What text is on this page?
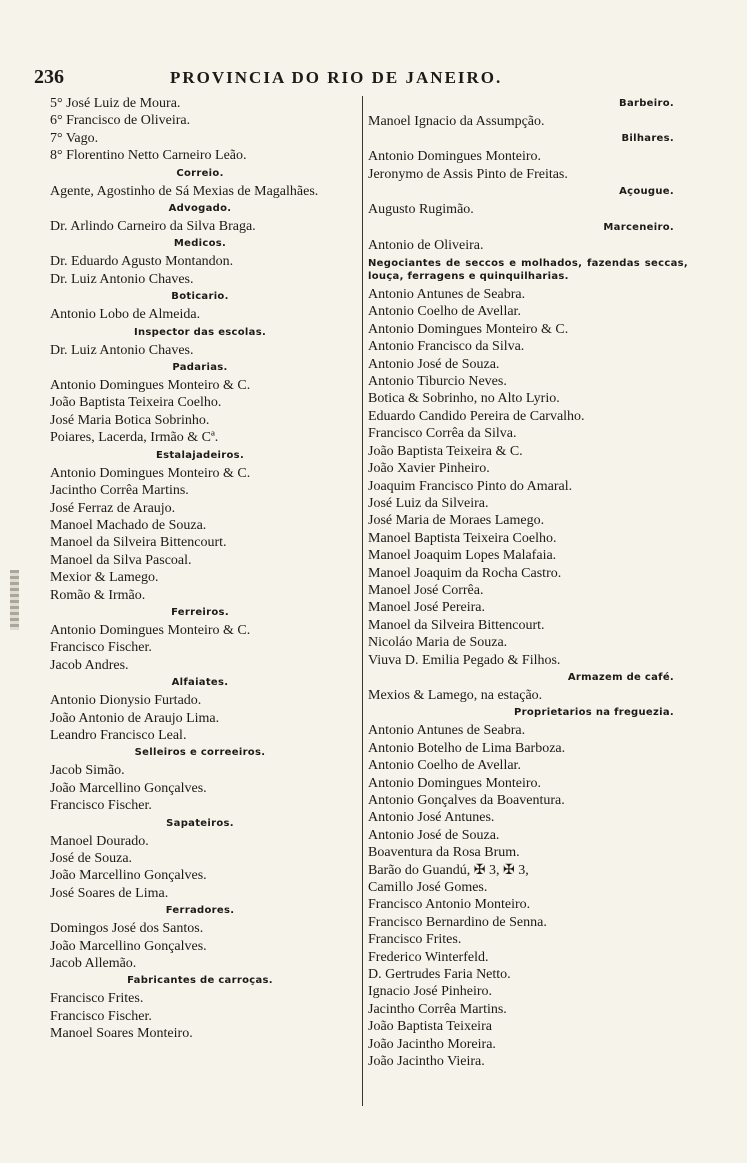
236	PROVINCIA DO RIO DE JANEIRO.
5° José Luiz de Moura.
6° Francisco de Oliveira.
7° Vago.
8° Florentino Netto Carneiro Leão.
Correio.
Agente, Agostinho de Sá Mexias de Magalhães.
Advogado.
Dr. Arlindo Carneiro da Silva Braga.
Medicos.
Dr. Eduardo Agusto Montandon.
Dr. Luiz Antonio Chaves.
Boticario.
Antonio Lobo de Almeida.
Inspector das escolas.
Dr. Luiz Antonio Chaves.
Padarias.
Antonio Domingues Monteiro & C.
João Baptista Teixeira Coelho.
José Maria Botica Sobrinho.
Poiares, Lacerda, Irmão & Cª.
Estalajadeiros.
Antonio Domingues Monteiro & C.
Jacintho Corrêa Martins.
José Ferraz de Araujo.
Manoel Machado de Souza.
Manoel da Silveira Bittencourt.
Manoel da Silva Pascoal.
Mexior & Lamego.
Romão & Irmão.
Ferreiros.
Antonio Domingues Monteiro & C.
Francisco Fischer.
Jacob Andres.
Alfaiates.
Antonio Dionysio Furtado.
João Antonio de Araujo Lima.
Leandro Francisco Leal.
Selleiros e correeiros.
Jacob Simão.
João Marcellino Gonçalves.
Francisco Fischer.
Sapateiros.
Manoel Dourado.
José de Souza.
João Marcellino Gonçalves.
José Soares de Lima.
Ferradores.
Domingos José dos Santos.
João Marcellino Gonçalves.
Jacob Allemão.
Fabricantes de carroças.
Francisco Frites.
Francisco Fischer.
Manoel Soares Monteiro.
Barbeiro.
Manoel Ignacio da Assumpção.
Bilhares.
Antonio Domingues Monteiro.
Jeronymo de Assis Pinto de Freitas.
Açougue.
Augusto Rugimão.
Marceneiro.
Antonio de Oliveira.
Negociantes de seccos e molhados, fazendas seccas, louça, ferragens e quinquilharias.
Antonio Antunes de Seabra.
Antonio Coelho de Avellar.
Antonio Domingues Monteiro & C.
Antonio Francisco da Silva.
Antonio José de Souza.
Antonio Tiburcio Neves.
Botica & Sobrinho, no Alto Lyrio.
Eduardo Candido Pereira de Carvalho.
Francisco Corrêa da Silva.
João Baptista Teixeira & C.
João Xavier Pinheiro.
Joaquim Francisco Pinto do Amaral.
José Luiz da Silveira.
José Maria de Moraes Lamego.
Manoel Baptista Teixeira Coelho.
Manoel Joaquim Lopes Malafaia.
Manoel Joaquim da Rocha Castro.
Manoel José Corrêa.
Manoel José Pereira.
Manoel da Silveira Bittencourt.
Nicoláo Maria de Souza.
Viuva D. Emilia Pegado & Filhos.
Armazem de café.
Mexios & Lamego, na estação.
Proprietarios na freguezia.
Antonio Antunes de Seabra.
Antonio Botelho de Lima Barboza.
Antonio Coelho de Avellar.
Antonio Domingues Monteiro.
Antonio Gonçalves da Boaventura.
Antonio José Antunes.
Antonio José de Souza.
Boaventura da Rosa Brum.
Barão do Guandú, ✠ 3, ✠ 3,
Camillo José Gomes.
Francisco Antonio Monteiro.
Francisco Bernardino de Senna.
Francisco Frites.
Frederico Winterfeld.
D. Gertrudes Faria Netto.
Ignacio José Pinheiro.
Jacintho Corrêa Martins.
João Baptista Teixeira
João Jacintho Moreira.
João Jacintho Vieira.
